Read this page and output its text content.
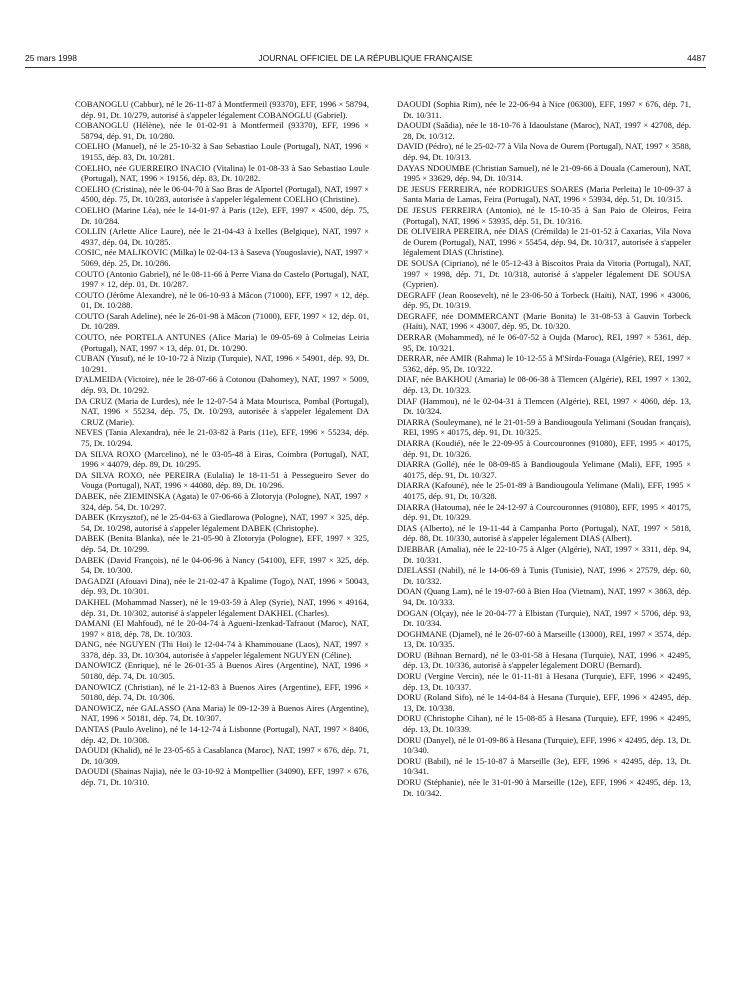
25 mars 1998	JOURNAL OFFICIEL DE LA RÉPUBLIQUE FRANÇAISE	4487

COBANOGLU (Cabbur), né le 26-11-87 à Montfermeil (93370), EFF, 1996 × 58794, dép. 91, Dt. 10/279, autorisé à s'appeler légalement COBANOGLU (Gabriel).

COBANOGLU (Hélène), née le 01-02-91 à Montfermeil (93370), EFF, 1996 × 58794, dép. 91, Dt. 10/280.

COELHO (Manuel), né le 25-10-32 à Sao Sebastiao Loule (Portugal), NAT, 1996 × 19155, dép. 83, Dt. 10/281.

COELHO, née GUERREIRO INACIO (Vitalina) le 01-08-33 à Sao Sebastiao Loule (Portugal), NAT, 1996 × 19156, dép. 83, Dt. 10/282.

COELHO (Cristina), née le 06-04-70 à Sao Bras de Alportel (Portugal), NAT, 1997 × 4500, dép. 75, Dt. 10/283, autorisée à s'appeler légalement COELHO (Christine).

COELHO (Marine Léa), née le 14-01-97 à Paris (12e), EFF, 1997 × 4500, dép. 75, Dt. 10/284.

COLLIN (Arlette Alice Laure), née le 21-04-43 à Ixelles (Belgique), NAT, 1997 × 4937, dép. 04, Dt. 10/285.

COSIC, née MALJKOVIC (Milka) le 02-04-13 à Saseva (Yougoslavie), NAT, 1997 × 5069, dép. 25, Dt. 10/286.

COUTO (Antonio Gabriel), né le 08-11-66 à Perre Viana do Castelo (Portugal), NAT, 1997 × 12, dép. 01, Dt. 10/287.

COUTO (Jérôme Alexandre), né le 06-10-93 à Mâcon (71000), EFF, 1997 × 12, dép. 01, Dt. 10/288.

COUTO (Sarah Adeline), née le 26-01-98 à Mâcon (71000), EFF, 1997 × 12, dép. 01, Dt. 10/289.

COUTO, née PORTELA ANTUNES (Alice Maria) le 09-05-69 à Colmeias Leiria (Portugal), NAT, 1997 × 13, dép. 01, Dt. 10/290.

CUBAN (Yusuf), né le 10-10-72 à Nizip (Turquie), NAT, 1996 × 54901, dép. 93, Dt. 10/291.

D'ALMEIDA (Victoire), née le 28-07-66 à Cotonou (Dahomey), NAT, 1997 × 5009, dép. 93, Dt. 10/292.

DA CRUZ (Maria de Lurdes), née le 12-07-54 à Mata Mourisca, Pombal (Portugal), NAT, 1996 × 55234, dép. 75, Dt. 10/293, autorisée à s'appeler légalement DA CRUZ (Marie).

NEVES (Tania Alexandra), née le 21-03-82 à Paris (11e), EFF, 1996 × 55234, dép. 75, Dt. 10/294.

DA SILVA ROXO (Marcelino), né le 03-05-48 à Eiras, Coimbra (Portugal), NAT, 1996 × 44079, dép. 89, Dt. 10/295.

DA SILVA ROXO, née PEREIRA (Eulalia) le 18-11-51 à Pessegueiro Sever do Vouga (Portugal), NAT, 1996 × 44080, dép. 89, Dt. 10/296.

DABEK, née ZIEMINSKA (Agata) le 07-06-66 à Zlotoryja (Pologne), NAT, 1997 × 324, dép. 54, Dt. 10/297.

DABEK (Krzysztof), né le 25-04-63 à Giedlarowa (Pologne), NAT, 1997 × 325, dép. 54, Dt. 10/298, autorisé à s'appeler légalement DABEK (Christophe).

DABEK (Benita Blanka), née le 21-05-90 à Zlotoryja (Pologne), EFF, 1997 × 325, dép. 54, Dt. 10/299.

DABEK (David François), né le 04-06-96 à Nancy (54100), EFF, 1997 × 325, dép. 54, Dt. 10/300.

DAGADZI (Afouavi Dina), née le 21-02-47 à Kpalime (Togo), NAT, 1996 × 50043, dép. 93, Dt. 10/301.

DAKHEL (Mohammad Nasser), né le 19-03-59 à Alep (Syrie), NAT, 1996 × 49164, dép. 31, Dt. 10/302, autorisé à s'appeler légalement DAKHEL (Charles).

DAMANI (El Mahfoud), né le 20-04-74 à Agueni-Izenkad-Tafraout (Maroc), NAT, 1997 × 818, dép. 78, Dt. 10/303.

DANG, née NGUYEN (Thi Hoi) le 12-04-74 à Khammouane (Laos), NAT, 1997 × 3378, dép. 33, Dt. 10/304, autorisée à s'appeler légalement NGUYEN (Céline).

DANOWICZ (Enrique), né le 26-01-35 à Buenos Aires (Argentine), NAT, 1996 × 50180, dép. 74, Dt. 10/305.

DANOWICZ (Christian), né le 21-12-83 à Buenos Aires (Argentine), EFF, 1996 × 50180, dép. 74, Dt. 10/306.

DANOWICZ, née GALASSO (Ana Maria) le 09-12-39 à Buenos Aires (Argentine), NAT, 1996 × 50181, dép. 74, Dt. 10/307.

DANTAS (Paulo Avelino), né le 14-12-74 à Lisbonne (Portugal), NAT, 1997 × 8406, dép. 42, Dt. 10/308.

DAOUDI (Khalid), né le 23-05-65 à Casablanca (Maroc), NAT, 1997 × 676, dép. 71, Dt. 10/309.

DAOUDI (Shainas Najia), née le 03-10-92 à Montpellier (34090), EFF, 1997 × 676, dép. 71, Dt. 10/310.

DAOUDI (Sophia Rim), née le 22-06-94 à Nice (06300), EFF, 1997 × 676, dép. 71, Dt. 10/311.

DAOUDI (Saâdia), née le 18-10-76 à Idaoulstane (Maroc), NAT, 1997 × 42708, dép. 28, Dt. 10/312.

DAVID (Pédro), né le 25-02-77 à Vila Nova de Ourem (Portugal), NAT, 1997 × 3588, dép. 94, Dt. 10/313.

DAYAS NDOUMBE (Christian Samuel), né le 21-09-66 à Douala (Cameroun), NAT, 1995 × 33629, dép. 94, Dt. 10/314.

DE JESUS FERREIRA, née RODRIGUES SOARES (Maria Perleita) le 10-09-37 à Santa Maria de Lamas, Feira (Portugal), NAT, 1996 × 53934, dép. 51, Dt. 10/315.

DE JESUS FERREIRA (Antonio), né le 15-10-35 à San Paio de Oleiros, Feira (Portugal), NAT, 1996 × 53935, dép. 51, Dt. 10/316.

DE OLIVEIRA PEREIRA, née DIAS (Crémilda) le 21-01-52 à Caxarias, Vila Nova de Ourem (Portugal), NAT, 1996 × 55454, dép. 94, Dt. 10/317, autorisée à s'appeler légalement DIAS (Christine).

DE SOUSA (Cipriano), né le 05-12-43 à Biscoitos Praia da Vitoria (Portugal), NAT, 1997 × 1998, dép. 71, Dt. 10/318, autorisé à s'appeler légalement DE SOUSA (Cyprien).

DEGRAFF (Jean Roosevelt), né le 23-06-50 à Torbeck (Haïti), NAT, 1996 × 43006, dép. 95, Dt. 10/319.

DEGRAFF, née DOMMERCANT (Marie Bonita) le 31-08-53 à Gauvin Torbeck (Haïti), NAT, 1996 × 43007, dép. 95, Dt. 10/320.

DERRAR (Mohammed), né le 06-07-52 à Oujda (Maroc), REI, 1997 × 5361, dép. 95, Dt. 10/321.

DERRAR, née AMIR (Rahma) le 10-12-55 à M'Sirda-Fouaga (Algérie), REI, 1997 × 5362, dép. 95, Dt. 10/322.

DIAF, née BAKHOU (Amaria) le 08-06-38 à Tlemcen (Algérie), REI, 1997 × 1302, dép. 13, Dt. 10/323.

DIAF (Hammou), né le 02-04-31 à Tlemcen (Algérie), REI, 1997 × 4060, dép. 13, Dt. 10/324.

DIARRA (Souleymane), né le 21-01-59 à Bandiougoula Yelimani (Soudan français), REI, 1995 × 40175, dép. 91, Dt. 10/325.

DIARRA (Koudié), née le 22-09-95 à Courcouronnes (91080), EFF, 1995 × 40175, dép. 91, Dt. 10/326.

DIARRA (Gollé), née le 08-09-85 à Bandiougoula Yelimane (Mali), EFF, 1995 × 40175, dép. 91, Dt. 10/327.

DIARRA (Kafouné), née le 25-01-89 à Bandiougoula Yelimane (Mali), EFF, 1995 × 40175, dép. 91, Dt. 10/328.

DIARRA (Hatouma), née le 24-12-97 à Courcouronnes (91080), EFF, 1995 × 40175, dép. 91, Dt. 10/329.

DIAS (Alberto), né le 19-11-44 à Campanha Porto (Portugal), NAT, 1997 × 5818, dép. 88, Dt. 10/330, autorisé à s'appeler légalement DIAS (Albert).

DJEBBAR (Amalia), née le 22-10-75 à Alger (Algérie), NAT, 1997 × 3311, dép. 94, Dt. 10/331.

DJELASSI (Nabil), né le 14-06-69 à Tunis (Tunisie), NAT, 1996 × 27579, dép. 60, Dt. 10/332.

DOAN (Quang Lam), né le 19-07-60 à Bien Hoa (Vietnam), NAT, 1997 × 3863, dép. 94, Dt. 10/333.

DOGAN (Olçay), née le 20-04-77 à Elbistan (Turquie), NAT, 1997 × 5706, dép. 93, Dt. 10/334.

DOGHMANE (Djamel), né le 26-07-60 à Marseille (13000), REI, 1997 × 3574, dép. 13, Dt. 10/335.

DORU (Bihnan Bernard), né le 03-01-58 à Hesana (Turquie), NAT, 1996 × 42495, dép. 13, Dt. 10/336, autorisé à s'appeler légalement DORU (Bernard).

DORU (Vergine Vercin), née le 01-11-81 à Hesana (Turquie), EFF, 1996 × 42495, dép. 13, Dt. 10/337.

DORU (Roland Sifo), né le 14-04-84 à Hesana (Turquie), EFF, 1996 × 42495, dép. 13, Dt. 10/338.

DORU (Christophe Cihan), né le 15-08-85 à Hesana (Turquie), EFF, 1996 × 42495, dép. 13, Dt. 10/339.

DORU (Danyel), né le 01-09-86 à Hesana (Turquie), EFF, 1996 × 42495, dép. 13, Dt. 10/340.

DORU (Babil), né le 15-10-87 à Marseille (3e), EFF, 1996 × 42495, dép. 13, Dt. 10/341.

DORU (Stéphanie), née le 31-01-90 à Marseille (12e), EFF, 1996 × 42495, dép. 13, Dt. 10/342.
